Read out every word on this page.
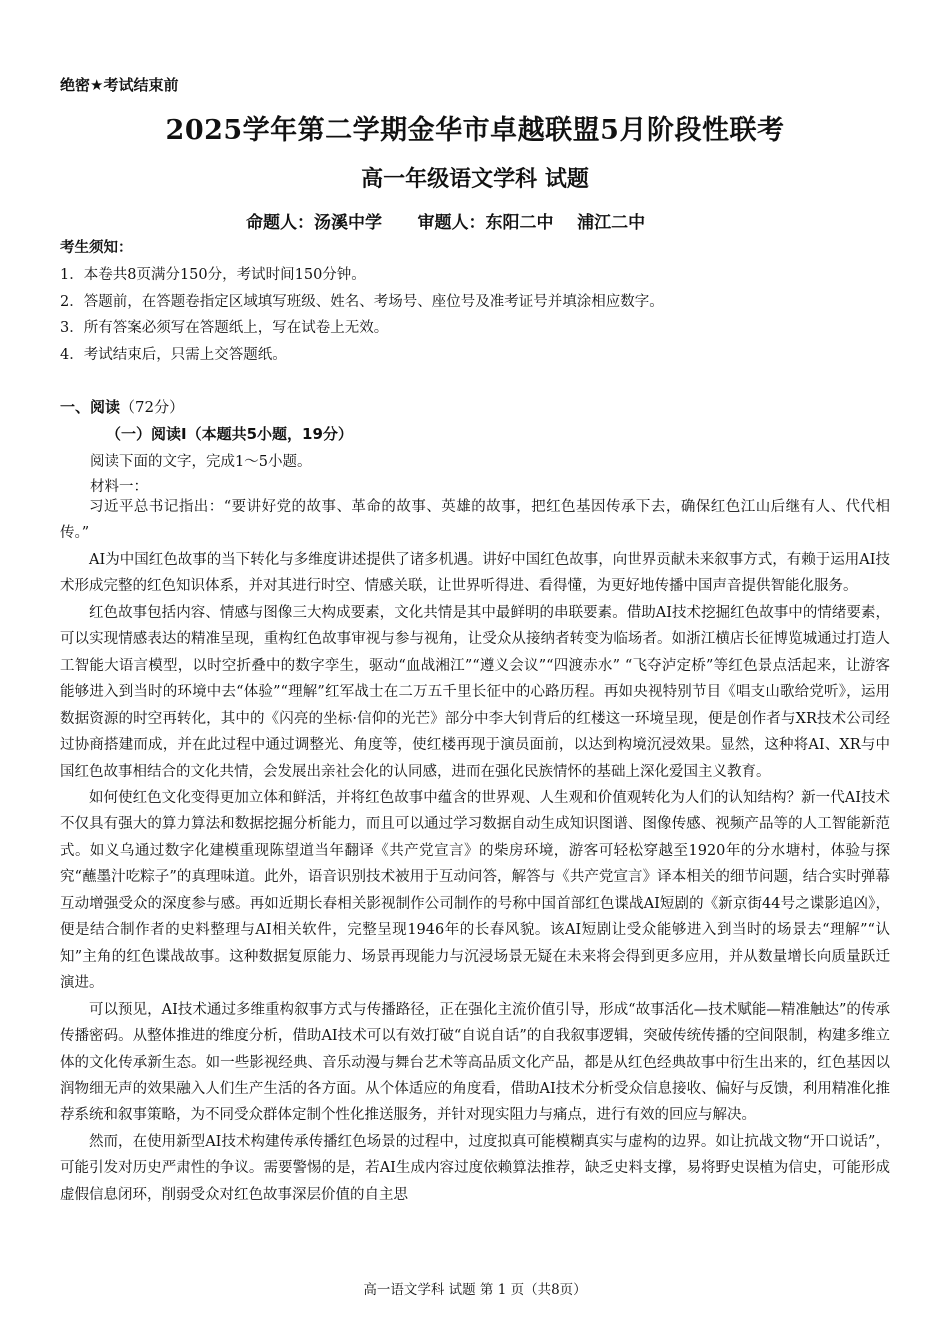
绝密★考试结束前
2025学年第二学期金华市卓越联盟5月阶段性联考
高一年级语文学科 试题
命题人：汤溪中学      审题人：东阳二中    浦江二中
考生须知：
1．本卷共8页满分150分，考试时间150分钟。
2．答题前，在答题卷指定区域填写班级、姓名、考场号、座位号及准考证号并填涂相应数字。
3．所有答案必须写在答题纸上，写在试卷上无效。
4．考试结束后，只需上交答题纸。
一、阅读（72分）
（一）阅读Ⅰ（本题共5小题，19分）
阅读下面的文字，完成1～5小题。
材料一：

习近平总书记指出：“要讲好党的故事、革命的故事、英雄的故事，把红色基因传承下去，确保红色江山后继有人、代代相传。”

AI为中国红色故事的当下转化与多维度讲述提供了诸多机遇。讲好中国红色故事，向世界贡献未来叙事方式，有赖于运用AI技术形成完整的红色知识体系，并对其进行时空、情感关联，让世界听得进、看得懂，为更好地传播中国声音提供智能化服务。

红色故事包括内容、情感与图像三大构成要素，文化共情是其中最鲜明的串联要素。借助AI技术挖掘红色故事中的情绪要素，可以实现情感表达的精准呈现，重构红色故事审视与参与视角，让受众从接纳者转变为临场者。如浙江横店长征博览城通过打造人工智能大语言模型，以时空折叠中的数字孪生，驱动“血战湘江”“遵义会议”“四渡赤水” “飞夺泸定桥”等红色景点活起来，让游客能够进入到当时的环境中去“体验”“理解”红军战士在二万五千里长征中的心路历程。再如央视特别节目《唱支山歌给党听》，运用数据资源的时空再转化，其中的《闪亮的坐标·信仰的光芒》部分中李大钊背后的红楼这一环境呈现，便是创作者与XR技术公司经过协商搭建而成，并在此过程中通过调整光、角度等，使红楼再现于演员面前，以达到构境沉浸效果。显然，这种将AI、XR与中国红色故事相结合的文化共情，会发展出亲社会化的认同感，进而在强化民族情怀的基础上深化爱国主义教育。

如何使红色文化变得更加立体和鲜活，并将红色故事中蕴含的世界观、人生观和价值观转化为人们的认知结构？新一代AI技术不仅具有强大的算力算法和数据挖掘分析能力，而且可以通过学习数据自动生成知识图谱、图像传感、视频产品等的人工智能新范式。如义乌通过数字化建模重现陈望道当年翻译《共产党宣言》的柴房环境，游客可轻松穿越至1920年的分水塘村，体验与探究“蘸墨汁吃粽子”的真理味道。此外，语音识别技术被用于互动问答，解答与《共产党宣言》译本相关的细节问题，结合实时弹幕互动增强受众的深度参与感。再如近期长春相关影视制作公司制作的号称中国首部红色谍战AI短剧的《新京街44号之谍影追凶》，便是结合制作者的史料整理与AI相关软件，完整呈现1946年的长春风貌。该AI短剧让受众能够进入到当时的场景去“理解”“认知”主角的红色谍战故事。这种数据复原能力、场景再现能力与沉浸场景无疑在未来将会得到更多应用，并从数量增长向质量跃迁演进。

可以预见，AI技术通过多维重构叙事方式与传播路径，正在强化主流价值引导，形成“故事活化—技术赋能—精准触达”的传承传播密码。从整体推进的维度分析，借助AI技术可以有效打破“自说自话”的自我叙事逻辑，突破传统传播的空间限制，构建多维立体的文化传承新生态。如一些影视经典、音乐动漫与舞台艺术等高品质文化产品，都是从红色经典故事中衍生出来的，红色基因以润物细无声的效果融入人们生产生活的各方面。从个体适应的角度看，借助AI技术分析受众信息接收、偏好与反馈，利用精准化推荐系统和叙事策略，为不同受众群体定制个性化推送服务，并针对现实阻力与痛点，进行有效的回应与解决。

然而，在使用新型AI技术构建传承传播红色场景的过程中，过度拟真可能模糊真实与虚构的边界。如让抗战文物“开口说话”，可能引发对历史严肃性的争议。需要警惕的是，若AI生成内容过度依赖算法推荐，缺乏史料支撑，易将野史误植为信史，可能形成虚假信息闭环，削弱受众对红色故事深层价值的自主思

高一语文学科 试题 第 1 页（共8页）
